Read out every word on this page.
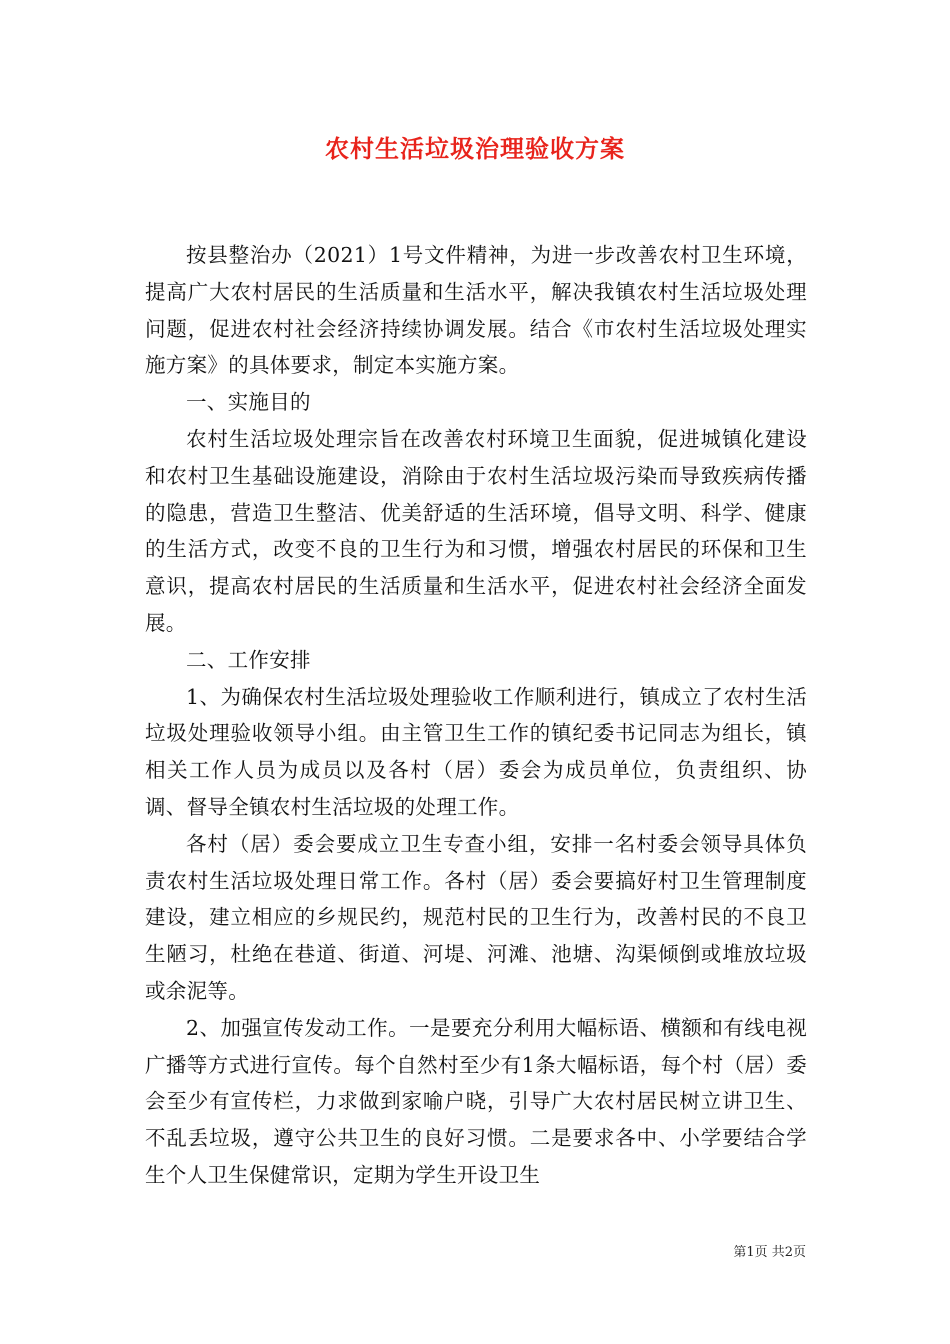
农村生活垃圾治理验收方案

按县整治办（2021）1号文件精神，为进一步改善农村卫生环境，提高广大农村居民的生活质量和生活水平，解决我镇农村生活垃圾处理问题，促进农村社会经济持续协调发展。结合《市农村生活垃圾处理实施方案》的具体要求，制定本实施方案。

一、实施目的

农村生活垃圾处理宗旨在改善农村环境卫生面貌，促进城镇化建设和农村卫生基础设施建设，消除由于农村生活垃圾污染而导致疾病传播的隐患，营造卫生整洁、优美舒适的生活环境，倡导文明、科学、健康的生活方式，改变不良的卫生行为和习惯，增强农村居民的环保和卫生意识，提高农村居民的生活质量和生活水平，促进农村社会经济全面发展。

二、工作安排

1、为确保农村生活垃圾处理验收工作顺利进行，镇成立了农村生活垃圾处理验收领导小组。由主管卫生工作的镇纪委书记同志为组长，镇相关工作人员为成员以及各村（居）委会为成员单位，负责组织、协调、督导全镇农村生活垃圾的处理工作。

各村（居）委会要成立卫生专查小组，安排一名村委会领导具体负责农村生活垃圾处理日常工作。各村（居）委会要搞好村卫生管理制度建设，建立相应的乡规民约，规范村民的卫生行为，改善村民的不良卫生陋习，杜绝在巷道、街道、河堤、河滩、池塘、沟渠倾倒或堆放垃圾或余泥等。

2、加强宣传发动工作。一是要充分利用大幅标语、横额和有线电视广播等方式进行宣传。每个自然村至少有1条大幅标语，每个村（居）委会至少有宣传栏，力求做到家喻户晓，引导广大农村居民树立讲卫生、不乱丢垃圾，遵守公共卫生的良好习惯。二是要求各中、小学要结合学生个人卫生保健常识，定期为学生开设卫生

第1页 共2页
